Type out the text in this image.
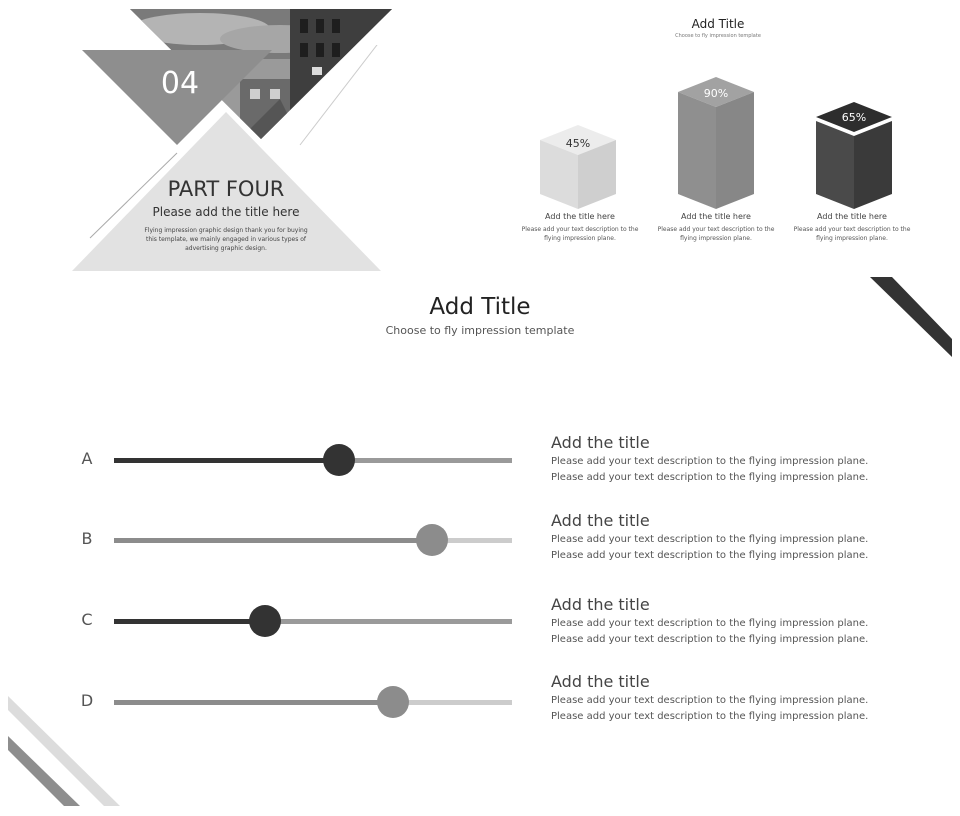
04
PART FOUR
Please add the title here
Flying impression graphic design thank you for buying this template, we mainly engaged in various types of advertising graphic design.
Add Title
Choose to fly impression template
45%
90%
65%
Add the title here	Add the title here	Add the title here
Please add your text description to the flying impression plane.
Please add your text description to the flying impression plane.
Please add your text description to the flying impression plane.
Add Title
Choose to fly impression template
A
Add the title
Please add your text description to the flying impression plane. Please add your text description to the flying impression plane.
B
Add the title
Please add your text description to the flying impression plane. Please add your text description to the flying impression plane.
C
Add the title
Please add your text description to the flying impression plane. Please add your text description to the flying impression plane.
D
Add the title
Please add your text description to the flying impression plane. Please add your text description to the flying impression plane.
